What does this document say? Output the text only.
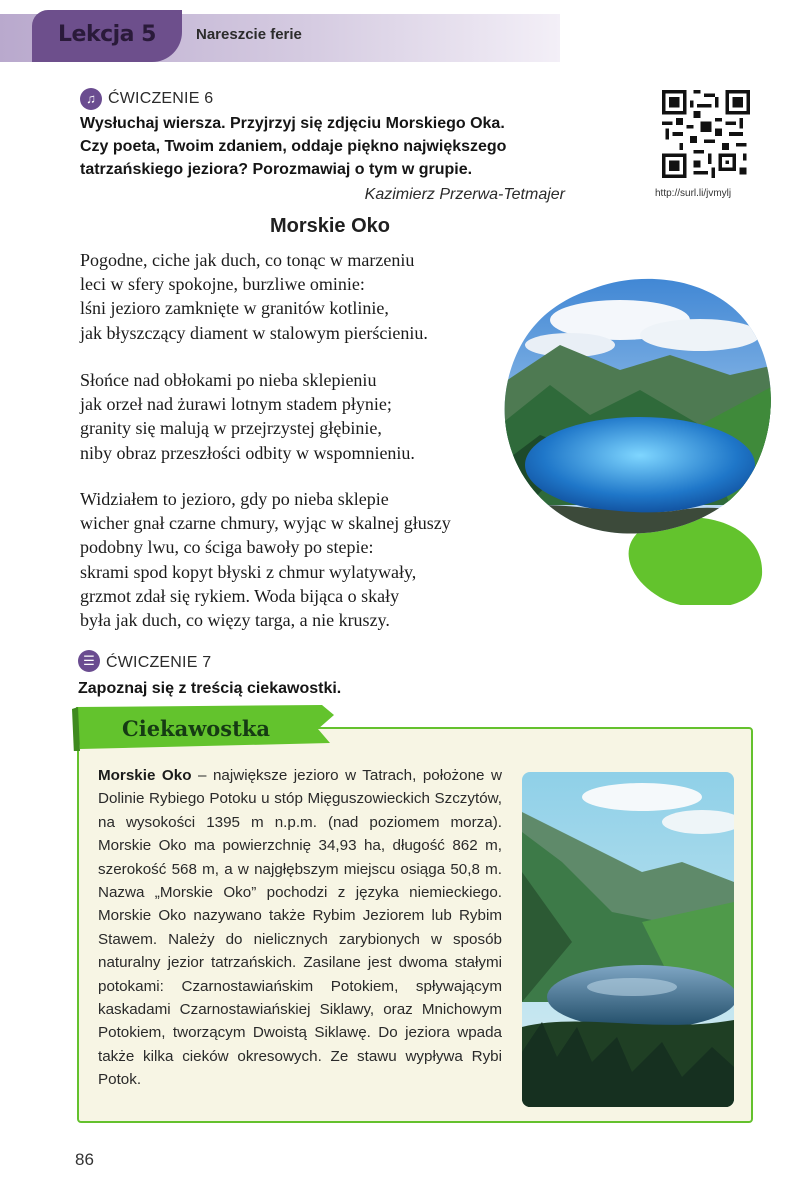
Lekcja 5	Nareszcie ferie
♫ ĆWICZENIE 6
Wysłuchaj wiersza. Przyjrzyj się zdjęciu Morskiego Oka.
Czy poeta, Twoim zdaniem, oddaje piękno największego
tatrzańskiego jeziora? Porozmawiaj o tym w grupie.
Kazimierz Przerwa-Tetmajer	http://surl.li/jvmylj
Morskie Oko
Pogodne, ciche jak duch, co tonąc w marzeniu
leci w sfery spokojne, burzliwe ominie:
lśni jezioro zamknięte w granitów kotlinie,
jak błyszczący diament w stalowym pierścieniu.
Słońce nad obłokami po nieba sklepieniu
jak orzeł nad żurawi lotnym stadem płynie;
granity się malują w przejrzystej głębinie,
niby obraz przeszłości odbity w wspomnieniu.
Widziałem to jezioro, gdy po nieba sklepie
wicher gnał czarne chmury, wyjąc w skalnej głuszy
podobny lwu, co ściga bawoły po stepie:
skrami spod kopyt błyski z chmur wylatywały,
grzmot zdał się rykiem. Woda bijąca o skały
była jak duch, co więzy targa, a nie kruszy.
☰ ĆWICZENIE 7
Zapoznaj się z treścią ciekawostki.
Ciekawostka

Morskie Oko – największe jezioro w Tatrach, położone w Dolinie Rybiego Potoku u stóp Mięguszowieckich Szczytów, na wysokości 1395 m n.p.m. (nad poziomem morza). Morskie Oko ma powierzchnię 34,93 ha, długość 862 m, szerokość 568 m, a w najgłębszym miejscu osiąga 50,8 m. Nazwa „Morskie Oko” pochodzi z języka niemieckiego. Morskie Oko nazywano także Rybim Jeziorem lub Rybim Stawem. Należy do nielicznych zarybionych w sposób naturalny jezior tatrzańskich. Zasilane jest dwoma stałymi potokami: Czarnostawiańskim Potokiem, spływającym kaskadami Czarnostawiańskiej Siklawy, oraz Mnichowym Potokiem, tworzącym Dwoistą Siklawę. Do jeziora wpada także kilka cieków okresowych. Ze stawu wypływa Rybi Potok.

86
